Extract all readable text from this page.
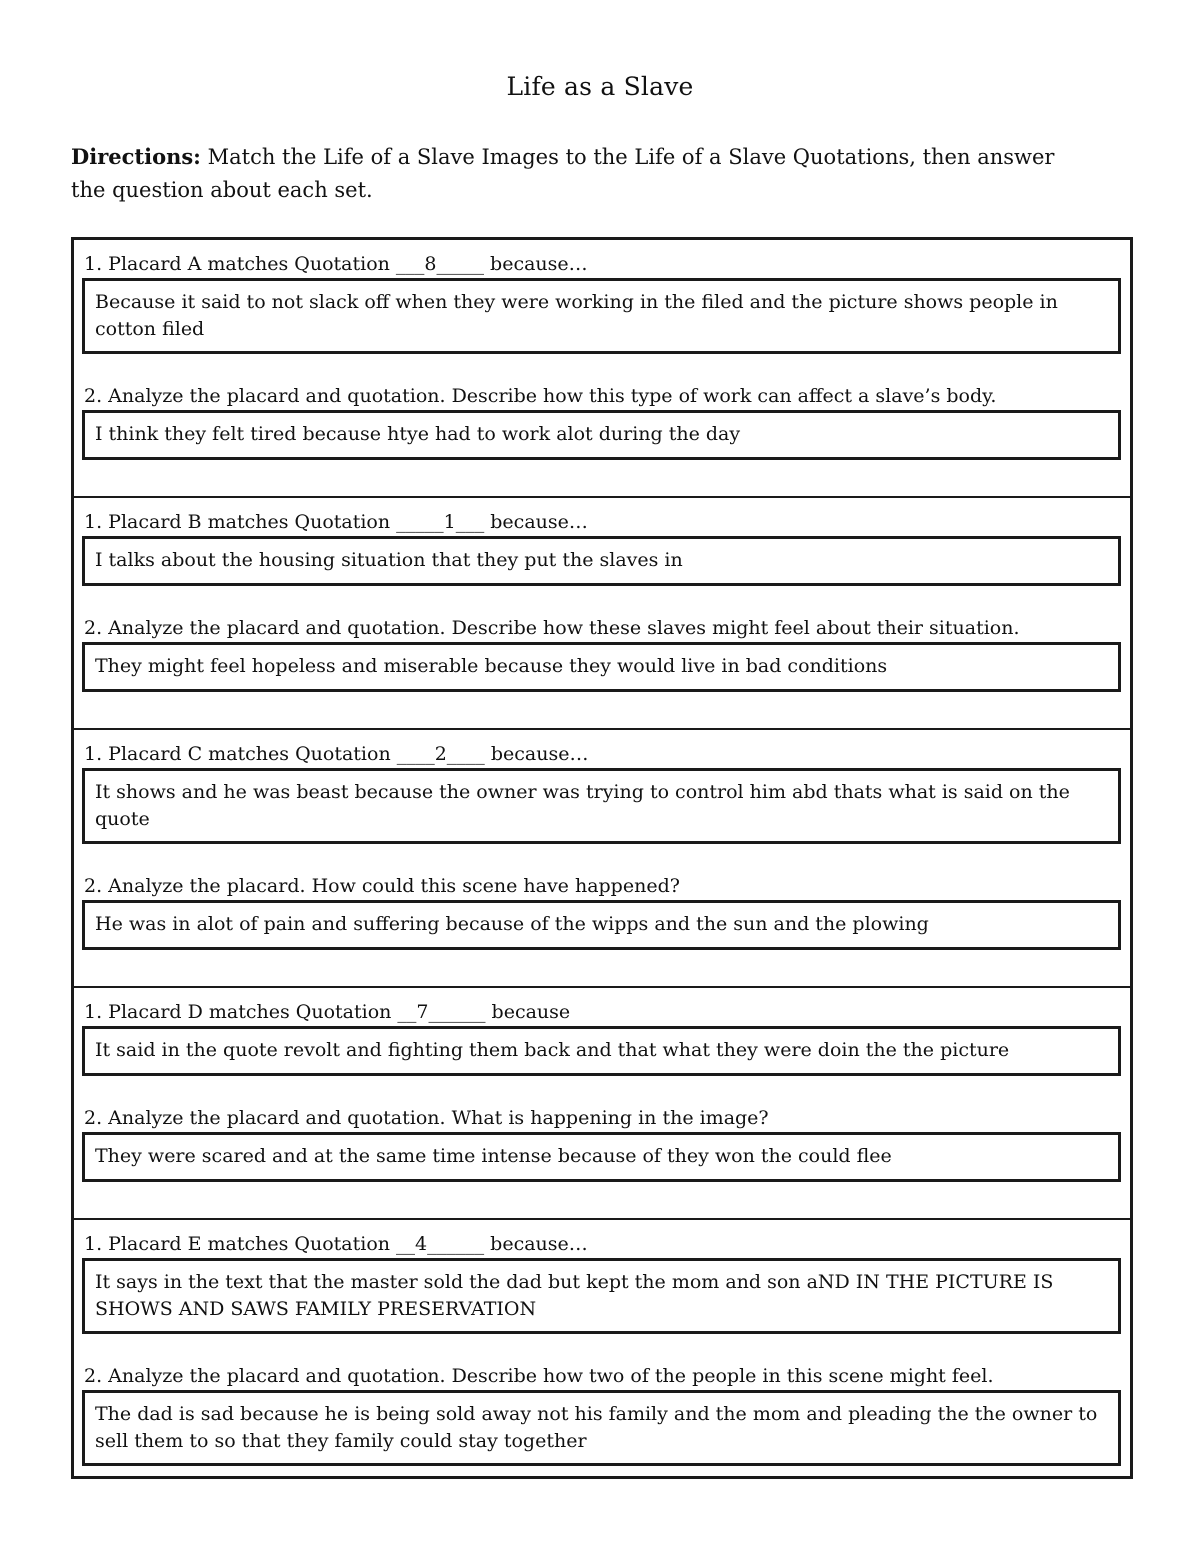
Life as a Slave
Directions: Match the Life of a Slave Images to the Life of a Slave Quotations, then answer the question about each set.
1. Placard A matches Quotation ___8_____ because…
Because it said to not slack off when they were working in the filed and the picture shows people in cotton filed
2. Analyze the placard and quotation. Describe how this type of work can affect a slave’s body.
I think they felt tired because htye had to work alot during the day
1. Placard B matches Quotation _____1___ because…
I talks about the housing situation that they put the slaves in
2. Analyze the placard and quotation. Describe how these slaves might feel about their situation.
They might feel hopeless and miserable because they would live in bad conditions
1. Placard C matches Quotation ____2____ because…
It shows and he was beast because the owner was trying to control him abd thats what is said on the quote
2. Analyze the placard. How could this scene have happened?
He was in alot of pain and suffering because of the wipps and the sun and the plowing
1. Placard D matches Quotation __7______ because
It said in the quote revolt and fighting them back and that what they were doin the the picture
2. Analyze the placard and quotation. What is happening in the image?
They were scared and at the same time intense because of they won the could flee
1. Placard E matches Quotation __4______ because…
It says in the text that the master sold the dad but kept the mom and son aND IN THE PICTURE IS SHOWS AND SAWS FAMILY PRESERVATION
2. Analyze the placard and quotation. Describe how two of the people in this scene might feel.
The dad is sad because he is being sold away not his family and the mom and pleading the the owner to sell them to so that they family could stay together
